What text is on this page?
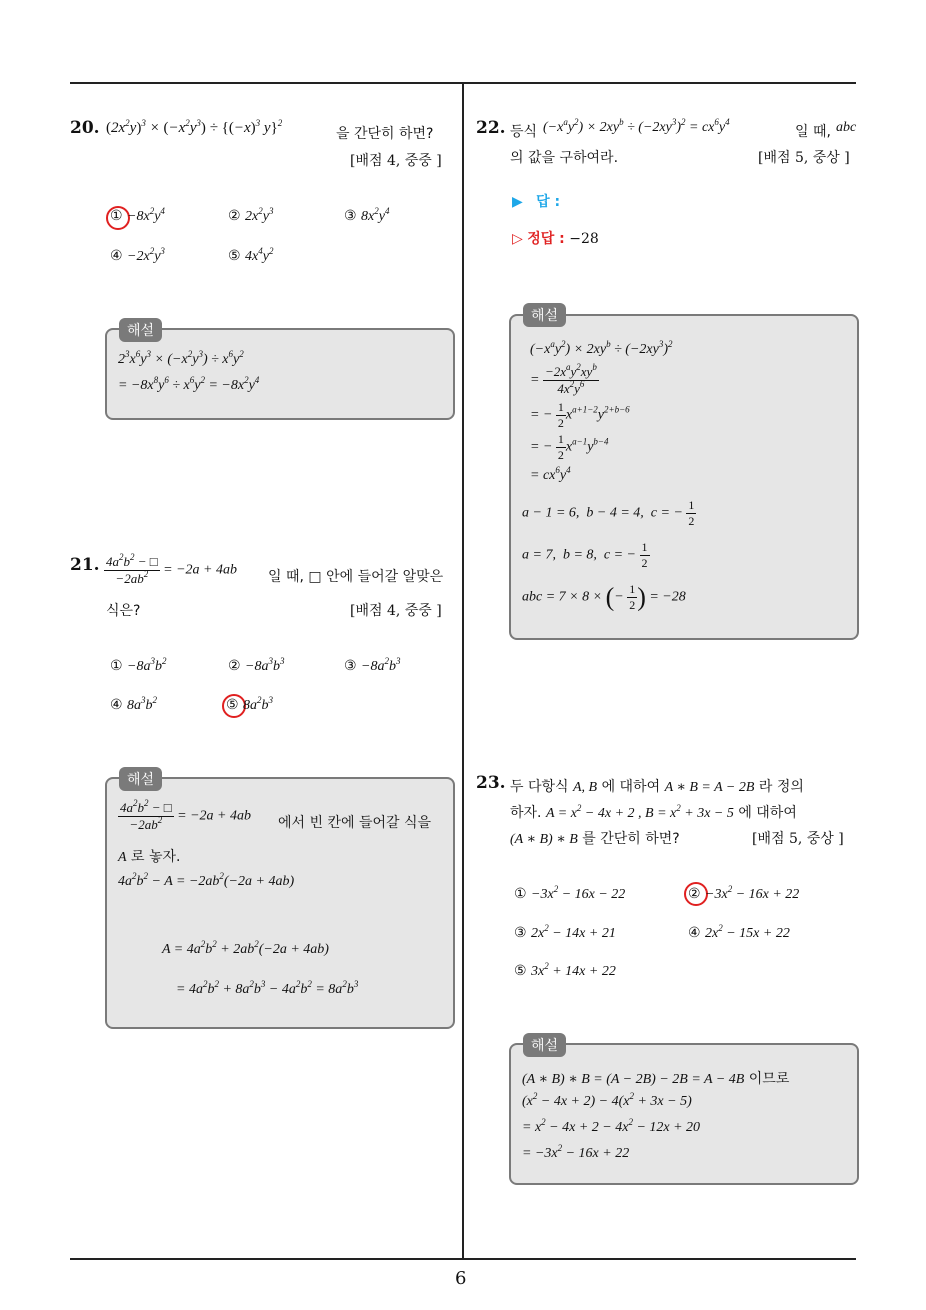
6
20. $(2x^2y)^3 \times (-x^2y^3) \div \{(-x)^3$ y}$^2$
을 간단히 하면?
[배점 4, 중중 ]
① $-8x^2y^4$	② $2x^2y^3$	③ $8x^2y^4$
④ $-2x^2y^3$	⑤ $4x^4y^2$
해설
$2^3x^6y^3 \times (-x^2y^3) \div x^6y^2$
= $-8x^8y^6 \div x^6y^2 = -8x^2y^4$
21. $\frac{4a^2b^2 - □}{-2ab^2} = -2a + 4ab$ 일 때, □ 안에 들어갈 알맞은
식은?	[배점 4, 중중 ]
① $-8a^3b^2$	② $-8a^3b^3$	③ $-8a^2b^3$
④ $8a^3b^2$	⑤ $8a^2b^3$
해설
$\frac{4a^2b^2 - □}{-2ab^2} = -2a + 4ab$ 에서 빈 칸에 들어갈 식을
A 로 놓자.
$4a^2b^2 - A = -2ab^2(-2a + 4ab)$
$A = 4a^2b^2 + 2ab^2(-2a + 4ab)$
= $4a^2b^2 + 8a^2b^3 - 4a^2b^2 = 8a^2b^3$
22. 등식 $(-x^ay^2) \times 2xy^b \div (-2xy^3)^2 = cx^6y^4$
일 때, abc
의 값을 구하여라.	[배점 5, 중상 ]
▶ 답 :
▷ 정답 : −28
해설
$(-x^ay^2) \times 2xy^b \div (-2xy^3)^2$
= $\frac{-2x^ay^2xy^b}{4x^2y^6}$
= − $\frac{1}{2} x^{a+1-2}y^{2+b-6}$
= − $\frac{1}{2} x^{a-1}y^{b-4}$
= $cx^6y^4$
a − 1 = 6,  b − 4 = 4,  c = − $\frac{1}{2}$
a = 7,  b = 8,  c = − $\frac{1}{2}$
abc = 7 × 8 × (− $\frac{1}{2}$ ) = −28
23. 두 다항식 A, B 에 대하여 A ∗ B = A − 2B 라 정의
하자. $A = x^2 - 4x + 2$ , $B = x^2 + 3x - 5$ 에 대하여
(A ∗ B) ∗ B 를 간단히 하면?	[배점 5, 중상 ]
① $-3x^2 - 16x - 22$	② $-3x^2 - 16x + 22$
③ $2x^2 - 14x + 21$	④ $2x^2 - 15x + 22$
⑤ $3x^2 + 14x + 22$
해설
(A ∗ B) ∗ B = (A − 2B) − 2B = A − 4B 이므로
$(x^2 - 4x + 2) - 4(x^2 + 3x - 5)$
= $x^2 - 4x + 2 - 4x^2 - 12x + 20$
= $-3x^2 - 16x + 22$
